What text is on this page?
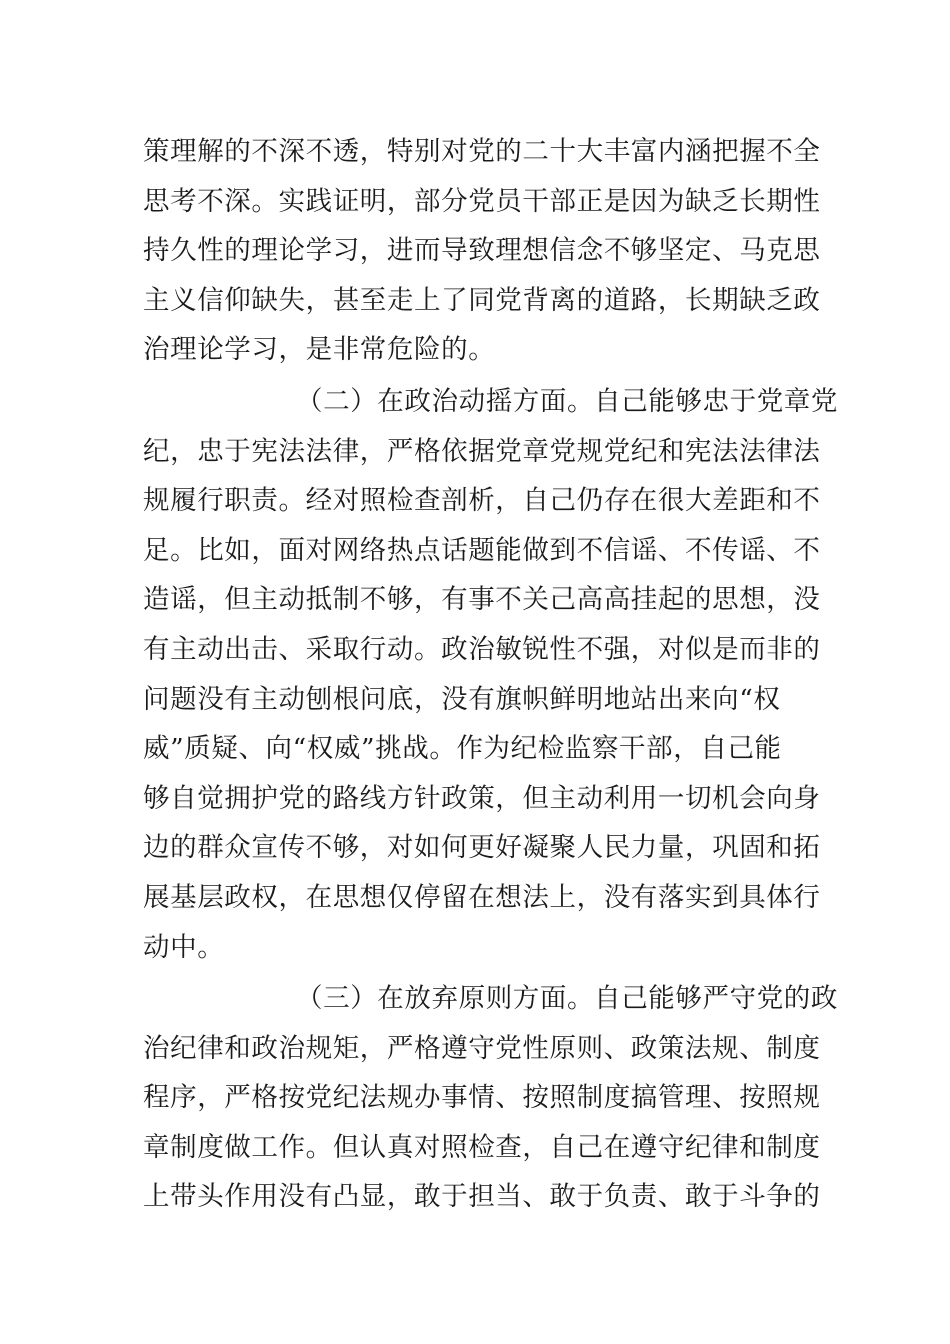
策理解的不深不透，特别对党的二十大丰富内涵把握不全
思考不深。实践证明，部分党员干部正是因为缺乏长期性
持久性的理论学习，进而导致理想信念不够坚定、马克思
主义信仰缺失，甚至走上了同党背离的道路，长期缺乏政
治理论学习，是非常危险的。
（二）在政治动摇方面。自己能够忠于党章党
纪，忠于宪法法律，严格依据党章党规党纪和宪法法律法
规履行职责。经对照检查剖析，自己仍存在很大差距和不
足。比如，面对网络热点话题能做到不信谣、不传谣、不
造谣，但主动抵制不够，有事不关己高高挂起的思想，没
有主动出击、采取行动。政治敏锐性不强，对似是而非的
问题没有主动刨根问底，没有旗帜鲜明地站出来向“权
威”质疑、向“权威”挑战。作为纪检监察干部，自己能
够自觉拥护党的路线方针政策，但主动利用一切机会向身
边的群众宣传不够，对如何更好凝聚人民力量，巩固和拓
展基层政权，在思想仅停留在想法上，没有落实到具体行
动中。
（三）在放弃原则方面。自己能够严守党的政
治纪律和政治规矩，严格遵守党性原则、政策法规、制度
程序，严格按党纪法规办事情、按照制度搞管理、按照规
章制度做工作。但认真对照检查，自己在遵守纪律和制度
上带头作用没有凸显，敢于担当、敢于负责、敢于斗争的
